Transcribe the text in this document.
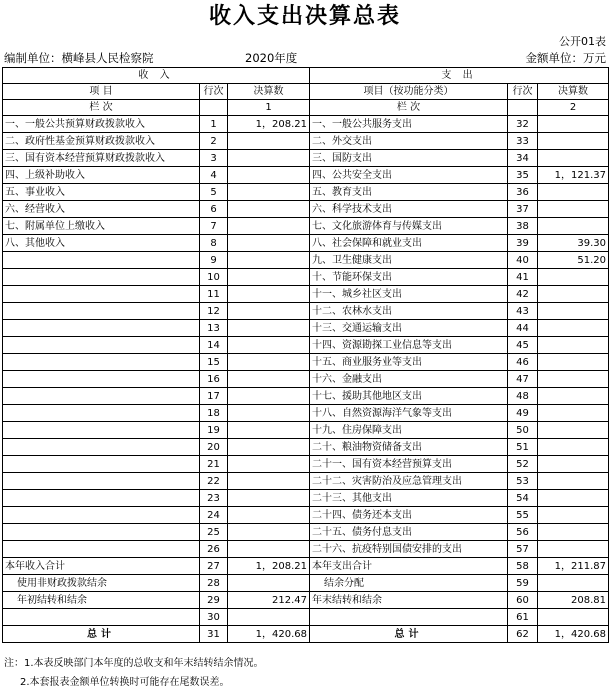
收入支出决算总表
公开01表
编制单位：横峰县人民检察院	2020年度	金额单位：万元
收 入			支 出		
项 目	行次	决算数	项目（按功能分类）	行次	决算数
栏 次		1	栏 次		2
一、一般公共预算财政拨款收入	1	1，208.21	一、一般公共服务支出	32	
二、政府性基金预算财政拨款收入	2		二、外交支出	33	
三、国有资本经营预算财政拨款收入	3		三、国防支出	34	
四、上级补助收入	4		四、公共安全支出	35	1，121.37
五、事业收入	5		五、教育支出	36	
六、经营收入	6		六、科学技术支出	37	
七、附属单位上缴收入	7		七、文化旅游体育与传媒支出	38	
八、其他收入	8		八、社会保障和就业支出	39	39.30
	9		九、卫生健康支出	40	51.20
	10		十、节能环保支出	41	
	11		十一、城乡社区支出	42	
	12		十二、农林水支出	43	
	13		十三、交通运输支出	44	
	14		十四、资源勘探工业信息等支出	45	
	15		十五、商业服务业等支出	46	
	16		十六、金融支出	47	
	17		十七、援助其他地区支出	48	
	18		十八、自然资源海洋气象等支出	49	
	19		十九、住房保障支出	50	
	20		二十、粮油物资储备支出	51	
	21		二十一、国有资本经营预算支出	52	
	22		二十二、灾害防治及应急管理支出	53	
	23		二十三、其他支出	54	
	24		二十四、债务还本支出	55	
	25		二十五、债务付息支出	56	
	26		二十六、抗疫特别国债安排的支出	57	
本年收入合计	27	1，208.21	本年支出合计	58	1，211.87
使用非财政拨款结余	28		结余分配	59	
年初结转和结余	29	212.47	年末结转和结余	60	208.81
	30			61	
总计	31	1，420.68	总计	62	1，420.68
注：1.本表反映部门本年度的总收支和年末结转结余情况。
2.本套报表金额单位转换时可能存在尾数误差。
